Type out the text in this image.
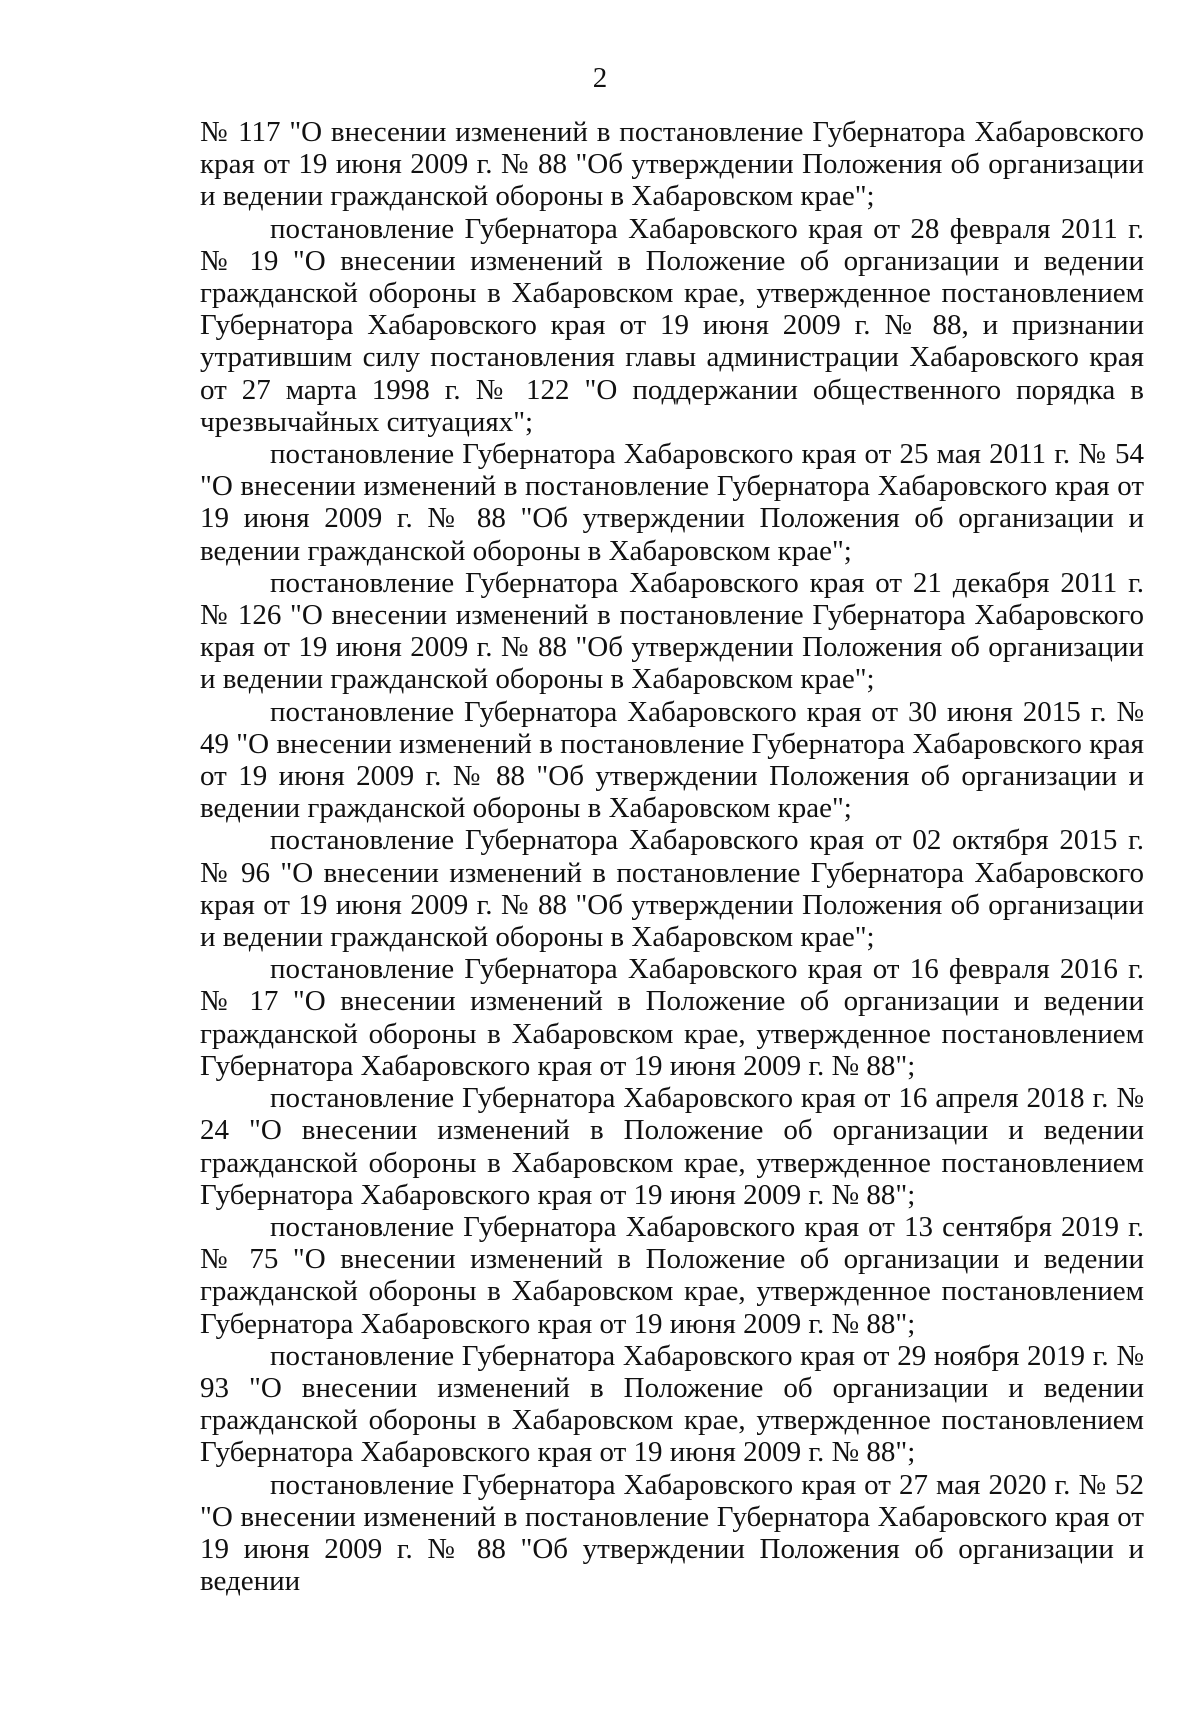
2

№ 117 "О внесении изменений в постановление Губернатора Хабаровского края от 19 июня 2009 г. № 88 "Об утверждении Положения об организации и ведении гражданской обороны в Хабаровском крае";

постановление Губернатора Хабаровского края от 28 февраля 2011 г. № 19 "О внесении изменений в Положение об организации и ведении гражданской обороны в Хабаровском крае, утвержденное постановлением Губернатора Хабаровского края от 19 июня 2009 г. № 88, и признании утратившим силу постановления главы администрации Хабаровского края от 27 марта 1998 г. № 122 "О поддержании общественного порядка в чрезвычайных ситуациях";

постановление Губернатора Хабаровского края от 25 мая 2011 г. № 54 "О внесении изменений в постановление Губернатора Хабаровского края от 19 июня 2009 г. № 88 "Об утверждении Положения об организации и ведении гражданской обороны в Хабаровском крае";

постановление Губернатора Хабаровского края от 21 декабря 2011 г. № 126 "О внесении изменений в постановление Губернатора Хабаровского края от 19 июня 2009 г. № 88 "Об утверждении Положения об организации и ведении гражданской обороны в Хабаровском крае";

постановление Губернатора Хабаровского края от 30 июня 2015 г. № 49 "О внесении изменений в постановление Губернатора Хабаровского края от 19 июня 2009 г. № 88 "Об утверждении Положения об организации и ведении гражданской обороны в Хабаровском крае";

постановление Губернатора Хабаровского края от 02 октября 2015 г. № 96 "О внесении изменений в постановление Губернатора Хабаровского края от 19 июня 2009 г. № 88 "Об утверждении Положения об организации и ведении гражданской обороны в Хабаровском крае";

постановление Губернатора Хабаровского края от 16 февраля 2016 г. № 17 "О внесении изменений в Положение об организации и ведении гражданской обороны в Хабаровском крае, утвержденное постановлением Губернатора Хабаровского края от 19 июня 2009 г. № 88";

постановление Губернатора Хабаровского края от 16 апреля 2018 г. № 24 "О внесении изменений в Положение об организации и ведении гражданской обороны в Хабаровском крае, утвержденное постановлением Губернатора Хабаровского края от 19 июня 2009 г. № 88";

постановление Губернатора Хабаровского края от 13 сентября 2019 г. № 75 "О внесении изменений в Положение об организации и ведении гражданской обороны в Хабаровском крае, утвержденное постановлением Губернатора Хабаровского края от 19 июня 2009 г. № 88";

постановление Губернатора Хабаровского края от 29 ноября 2019 г. № 93 "О внесении изменений в Положение об организации и ведении гражданской обороны в Хабаровском крае, утвержденное постановлением Губернатора Хабаровского края от 19 июня 2009 г. № 88";

постановление Губернатора Хабаровского края от 27 мая 2020 г. № 52 "О внесении изменений в постановление Губернатора Хабаровского края от 19 июня 2009 г. № 88 "Об утверждении Положения об организации и ведении
